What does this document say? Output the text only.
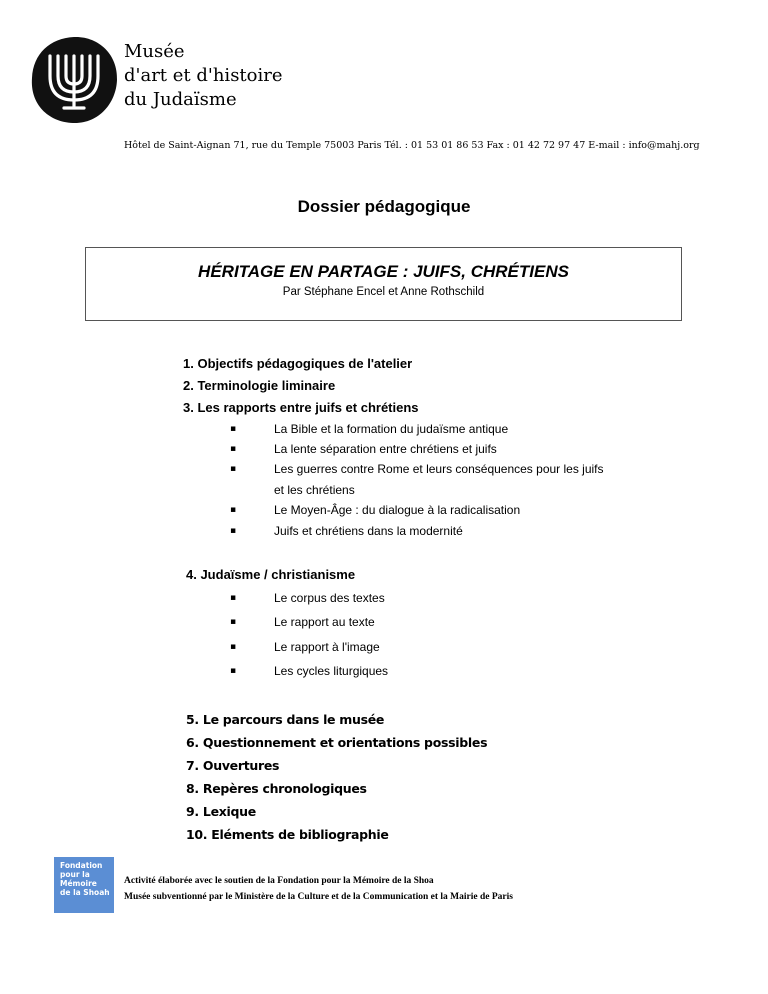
Musée
d'art et d'histoire
du Judaïsme
Hôtel de Saint-Aignan 71, rue du Temple 75003 Paris Tél. : 01 53 01 86 53 Fax : 01 42 72 97 47 E-mail : info@mahj.org
Dossier pédagogique
HÉRITAGE EN PARTAGE : JUIFS, CHRÉTIENS
Par Stéphane Encel et Anne Rothschild
1. Objectifs pédagogiques de l'atelier
2. Terminologie liminaire
3. Les rapports entre juifs et chrétiens
▪	La Bible et la formation du judaïsme antique
▪	La lente séparation entre chrétiens et juifs
▪	Les guerres contre Rome et leurs conséquences pour les juifs
et les chrétiens
▪	Le Moyen-Âge : du dialogue à la radicalisation
▪	Juifs et chrétiens dans la modernité
4. Judaïsme / christianisme
▪	Le corpus des textes
▪	Le rapport au texte
▪	Le rapport à l'image
▪	Les cycles liturgiques
5. Le parcours dans le musée
6. Questionnement et orientations possibles
7. Ouvertures
8. Repères chronologiques
9. Lexique
10. Eléments de bibliographie
Fondation
pour la
Mémoire
de la Shoah
Activité élaborée avec le soutien de la Fondation pour la Mémoire de la Shoa
Musée subventionné par le Ministère de la Culture et de la Communication et la Mairie de Paris
